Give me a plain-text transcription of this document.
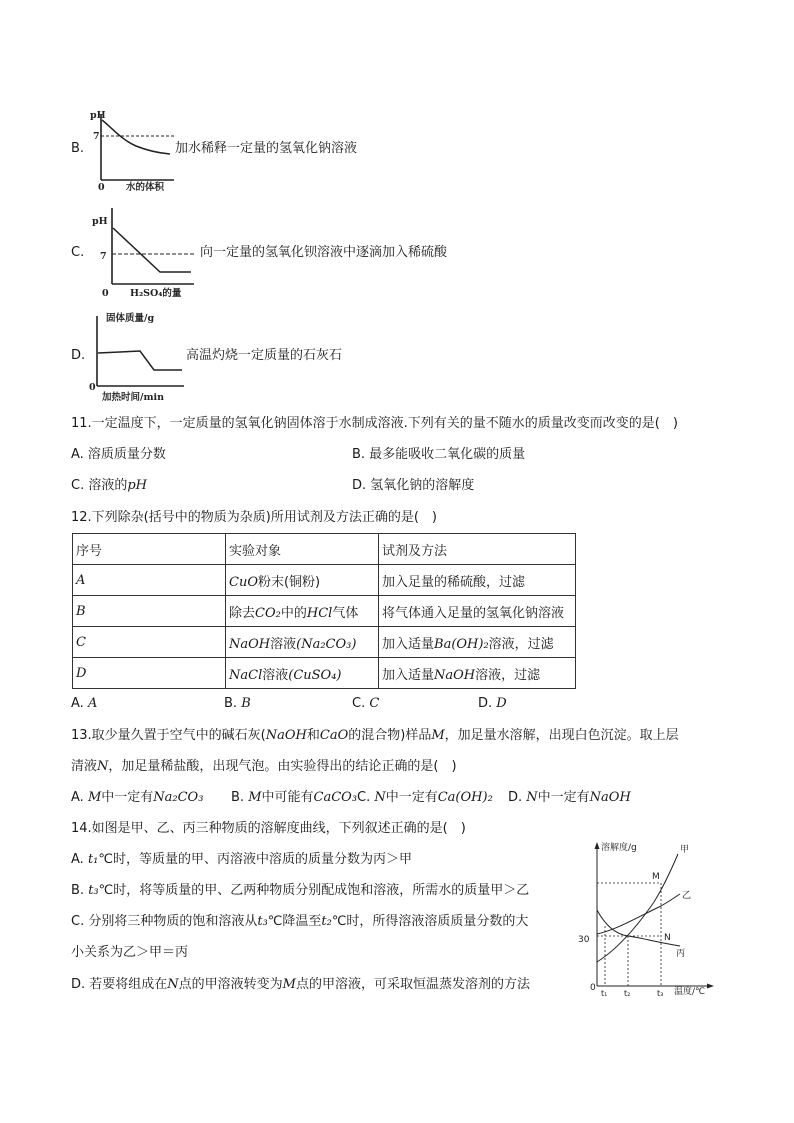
B.
pH
7
0 水的体积
加水稀释一定量的氢氧化钠溶液
C.
pH
7
0 H₂SO₄的量
向一定量的氢氧化钡溶液中逐滴加入稀硫酸
D.
固体质量/g
0
加热时间/min
高温灼烧一定质量的石灰石
11.一定温度下，一定质量的氢氧化钠固体溶于水制成溶液.下列有关的量不随水的质量改变而改变的是(　)
A. 溶质质量分数	B. 最多能吸收二氧化碳的质量
C. 溶液的pH	D. 氢氧化钠的溶解度
12.下列除杂(括号中的物质为杂质)所用试剂及方法正确的是(　)
序号	实验对象	试剂及方法
A	CuO粉末(铜粉)	加入足量的稀硫酸，过滤
B	除去CO₂中的HCl气体	将气体通入足量的氢氧化钠溶液
C	NaOH溶液(Na₂CO₃)	加入适量Ba(OH)₂溶液，过滤
D	NaCl溶液(CuSO₄)	加入适量NaOH溶液，过滤
A. A	B. B	C. C	D. D
13.取少量久置于空气中的碱石灰(NaOH和CaO的混合物)样品M，加足量水溶解，出现白色沉淀。取上层
清液N，加足量稀盐酸，出现气泡。由实验得出的结论正确的是(　)
A. M中一定有Na₂CO₃ B. M中可能有CaCO₃ C. N中一定有Ca(OH)₂ D. N中一定有NaOH
14.如图是甲、乙、丙三种物质的溶解度曲线，下列叙述正确的是(　)
A. t₁℃时，等质量的甲、丙溶液中溶质的质量分数为丙＞甲
B. t₃℃时，将等质量的甲、乙两种物质分别配成饱和溶液，所需水的质量甲＞乙
C. 分别将三种物质的饱和溶液从t₃℃降温至t₂℃时，所得溶液溶质质量分数的大
小关系为乙＞甲＝丙
D. 若要将组成在N点的甲溶液转变为M点的甲溶液，可采取恒温蒸发溶剂的方法
溶解度/g
温度/℃
0
30
甲
乙
丙
M
N
t₁ t₂	t₃
